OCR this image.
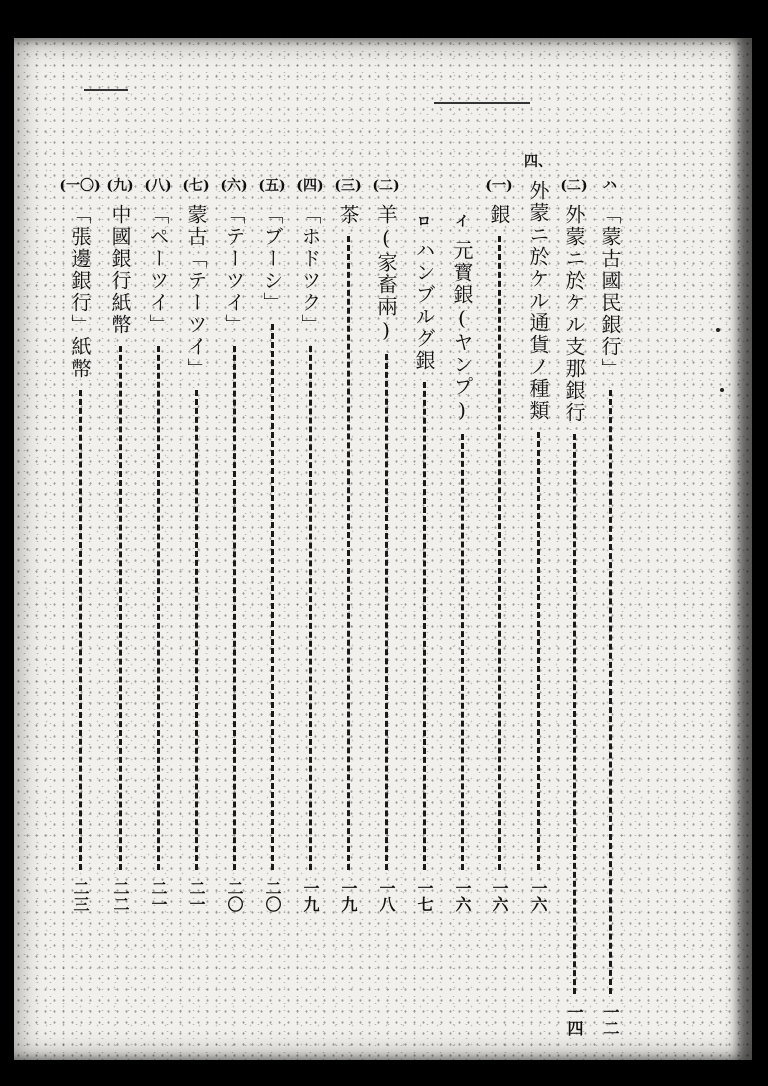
ハ
「蒙古國民銀行」
一二
(二)
外蒙ニ於ケル支那銀行
一四
四、
外蒙ニ於ケル通貨ノ種類
一六
(一)
銀
一六
イ
元寳銀(ヤンプ)
一六
ロ
ハンブルグ銀
一七
(二)
羊(家畜兩)
一八
(三)
茶
一九
(四)
「ホドツク」
一九
(五)
「ブーシ」
二〇
(六)
「テーツイ」
二〇
(七)
蒙古「テーツイ」
二一
(八)
「ペーツイ」
二一
(九)
中國銀行紙幣
二二
(一〇)
「張邊銀行」紙幣
二三
